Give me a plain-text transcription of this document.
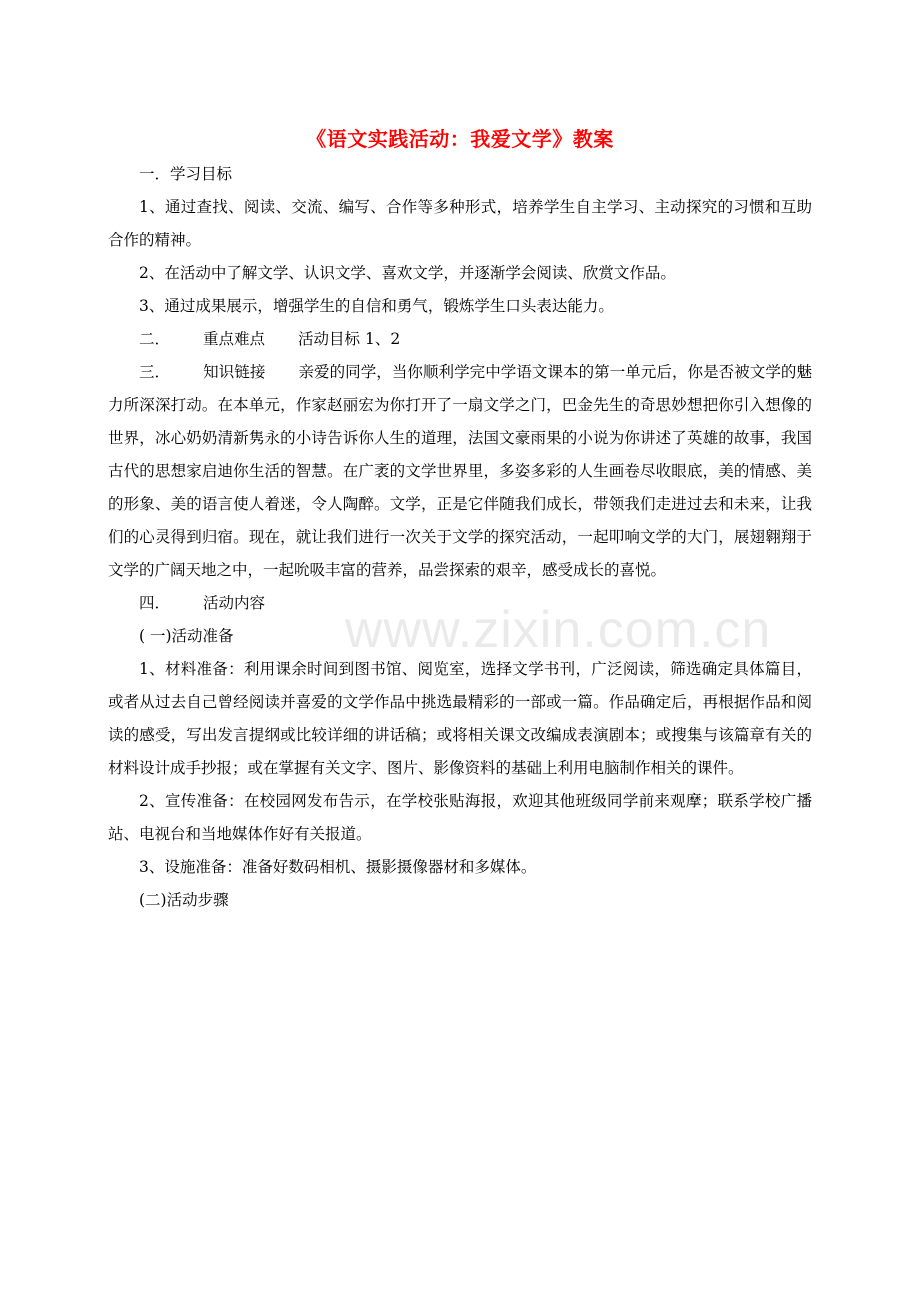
www.zixin.com.cn
《语文实践活动：我爱文学》教案

一．学习目标

1、通过查找、阅读、交流、编写、合作等多种形式，培养学生自主学习、主动探究的习惯和互助合作的精神。

2、在活动中了解文学、认识文学、喜欢文学，并逐渐学会阅读、欣赏文作品。

3、通过成果展示，增强学生的自信和勇气，锻炼学生口头表达能力。

二． 重点难点 活动目标 1、2

三． 知识链接 亲爱的同学，当你顺利学完中学语文课本的第一单元后，你是否被文学的魅力所深深打动。在本单元，作家赵丽宏为你打开了一扇文学之门，巴金先生的奇思妙想把你引入想像的世界，冰心奶奶清新隽永的小诗告诉你人生的道理，法国文豪雨果的小说为你讲述了英雄的故事，我国古代的思想家启迪你生活的智慧。在广袤的文学世界里，多姿多彩的人生画卷尽收眼底，美的情感、美的形象、美的语言使人着迷，令人陶醉。文学，正是它伴随我们成长，带领我们走进过去和未来，让我们的心灵得到归宿。现在，就让我们进行一次关于文学的探究活动，一起叩响文学的大门，展翅翱翔于文学的广阔天地之中，一起吮吸丰富的营养，品尝探索的艰辛，感受成长的喜悦。

四． 活动内容

( 一)活动准备

1、材料准备：利用课余时间到图书馆、阅览室，选择文学书刊，广泛阅读，筛选确定具体篇目，或者从过去自己曾经阅读并喜爱的文学作品中挑选最精彩的一部或一篇。作品确定后，再根据作品和阅读的感受，写出发言提纲或比较详细的讲话稿；或将相关课文改编成表演剧本；或搜集与该篇章有关的材料设计成手抄报；或在掌握有关文字、图片、影像资料的基础上利用电脑制作相关的课件。

2、宣传准备：在校园网发布告示，在学校张贴海报，欢迎其他班级同学前来观摩；联系学校广播站、电视台和当地媒体作好有关报道。

3、设施准备：准备好数码相机、摄影摄像器材和多媒体。

(二)活动步骤
